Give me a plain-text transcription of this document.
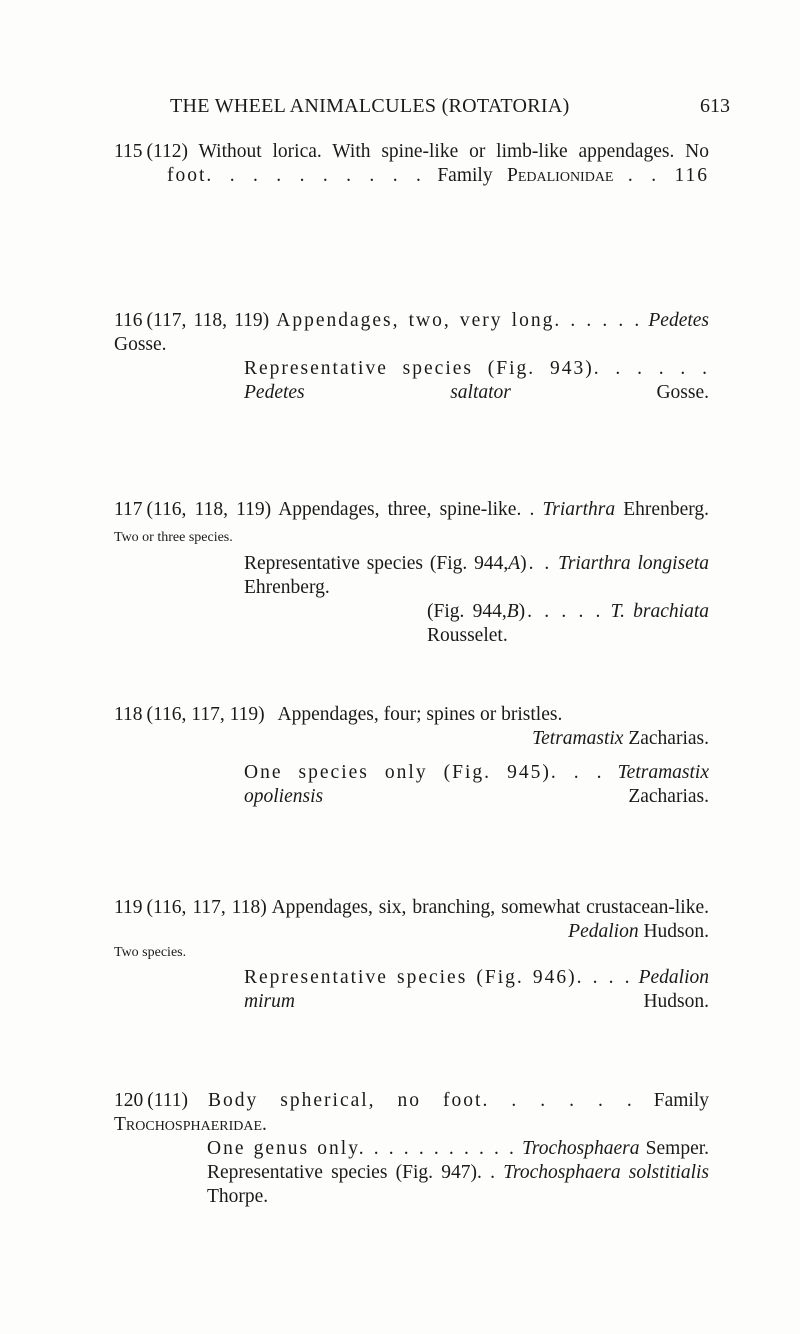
THE WHEEL ANIMALCULES (ROTATORIA)	613
115 (112) Without lorica. With spine-like or limb-like appendages. No
foot. . . . . . . . . . Family Pedalionidae . . 116
116 (117, 118, 119) Appendages, two, very long. . . . . . Pedetes Gosse.
Representative species (Fig. 943). . . . . . Pedetes saltator	Gosse.
117 (116, 118, 119) Appendages, three, spine-like. . Triarthra Ehrenberg.
Two or three species.
Representative species (Fig. 944,A). . Triarthra longiseta Ehrenberg.
(Fig. 944,B). . . . . T. brachiata Rousselet.
118 (116, 117, 119) Appendages, four; spines or bristles.
Tetramastix Zacharias.
One species only (Fig. 945). . . Tetramastix opoliensis	Zacharias.
119 (116, 117, 118) Appendages, six, branching, somewhat crustacean-like.
Pedalion Hudson.
Two species.
Representative species (Fig. 946). . . . Pedalion mirum	Hudson.
120 (111) Body spherical, no foot. . . . . . Family Trochosphaeridae.
One genus only. . . . . . . . . . . Trochosphaera Semper.
Representative species (Fig. 947). . Trochosphaera solstitialis Thorpe.
